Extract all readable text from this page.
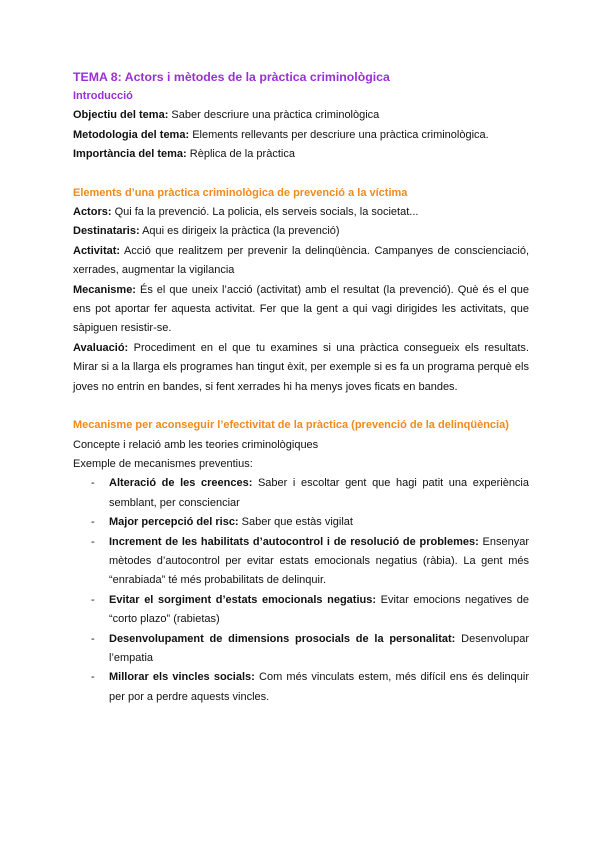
TEMA 8: Actors i mètodes de la pràctica criminològica

Introducció

Objectiu del tema: Saber descriure una pràctica criminològica

Metodologia del tema: Elements rellevants per descriure una pràctica criminològica.

Importància del tema: Rèplica de la pràctica

Elements d’una pràctica criminològica de prevenció a la víctima

Actors: Qui fa la prevenció. La policia, els serveis socials, la societat...

Destinataris: Aqui es dirigeix la pràctica (la prevenció)

Activitat: Acció que realitzem per prevenir la delinqüència. Campanyes de conscienciació, xerrades, augmentar la vigilancia

Mecanisme: És el que uneix l’acció (activitat) amb el resultat (la prevenció). Què és el que ens pot aportar fer aquesta activitat. Fer que la gent a qui vagi dirigides les activitats, que sàpiguen resistir-se.

Avaluació: Procediment en el que tu examines si una pràctica consegueix els resultats. Mirar si a la llarga els programes han tingut èxit, per exemple si es fa un programa perquè els joves no entrin en bandes, si fent xerrades hi ha menys joves ficats en bandes.

Mecanisme per aconseguir l’efectivitat de la pràctica (prevenció de la delinqüència)

Concepte i relació amb les teories criminològiques

Exemple de mecanismes preventius:

- Alteració de les creences: Saber i escoltar gent que hagi patit una experiència semblant, per conscienciar
- Major percepció del risc: Saber que estàs vigilat
- Increment de les habilitats d’autocontrol i de resolució de problemes: Ensenyar mètodes d’autocontrol per evitar estats emocionals negatius (ràbia). La gent més “enrabiada” té més probabilitats de delinquir.
- Evitar el sorgiment d’estats emocionals negatius: Evitar emocions negatives de “corto plazo” (rabietas)
- Desenvolupament de dimensions prosocials de la personalitat: Desenvolupar l’empatia
- Millorar els vincles socials: Com més vinculats estem, més difícil ens és delinquir per por a perdre aquests vincles.
